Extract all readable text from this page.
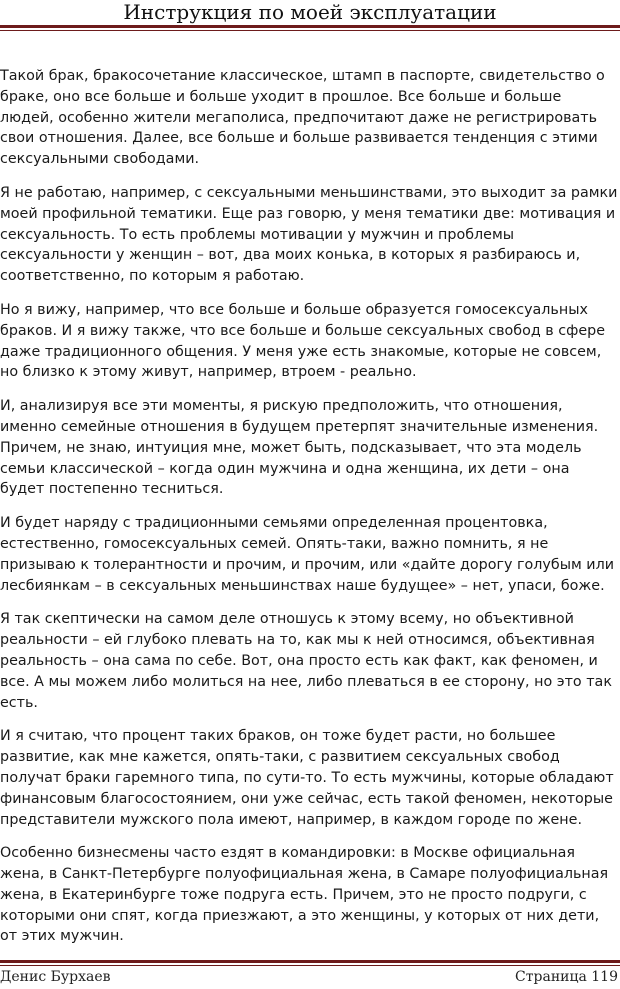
Инструкция по моей эксплуатации

Такой брак, бракосочетание классическое, штамп в паспорте, свидетельство о браке, оно все больше и больше уходит в прошлое. Все больше и больше людей, особенно жители мегаполиса, предпочитают даже не регистрировать свои отношения. Далее, все больше и больше развивается тенденция с этими сексуальными свободами.

Я не работаю, например, с сексуальными меньшинствами, это выходит за рамки моей профильной тематики. Еще раз говорю, у меня тематики две: мотивация и сексуальность. То есть проблемы мотивации у мужчин и проблемы сексуальности у женщин – вот, два моих конька, в которых я разбираюсь и, соответственно, по которым я работаю.

Но я вижу, например, что все больше и больше образуется гомосексуальных браков. И я вижу также, что все больше и больше сексуальных свобод в сфере даже традиционного общения. У меня уже есть знакомые, которые не совсем, но близко к этому живут, например, втроем - реально.

И, анализируя все эти моменты, я рискую предположить, что отношения, именно семейные отношения в будущем претерпят значительные изменения. Причем, не знаю, интуиция мне, может быть, подсказывает, что эта модель семьи классической – когда один мужчина и одна женщина, их дети – она будет постепенно тесниться.

И будет наряду с традиционными семьями определенная процентовка, естественно, гомосексуальных семей. Опять-таки, важно помнить, я не призываю к толерантности и прочим, и прочим, или «дайте дорогу голубым или лесбиянкам – в сексуальных меньшинствах наше будущее» – нет, упаси, боже.

Я так скептически на самом деле отношусь к этому всему, но объективной реальности – ей глубоко плевать на то, как мы к ней относимся, объективная реальность – она сама по себе. Вот, она просто есть как факт, как феномен, и все. А мы можем либо молиться на нее, либо плеваться в ее сторону, но это так есть.

И я считаю, что процент таких браков, он тоже будет расти, но большее развитие, как мне кажется, опять-таки, с развитием сексуальных свобод получат браки гаремного типа, по сути-то. То есть мужчины, которые обладают финансовым благосостоянием, они уже сейчас, есть такой феномен, некоторые представители мужского пола имеют, например, в каждом городе по жене.

Особенно бизнесмены часто ездят в командировки: в Москве официальная жена, в Санкт-Петербурге полуофициальная жена, в Самаре полуофициальная жена, в Екатеринбурге тоже подруга есть. Причем, это не просто подруги, с которыми они спят, когда приезжают, а это женщины, у которых от них дети, от этих мужчин.

Денис Бурхаев	Страница 119
